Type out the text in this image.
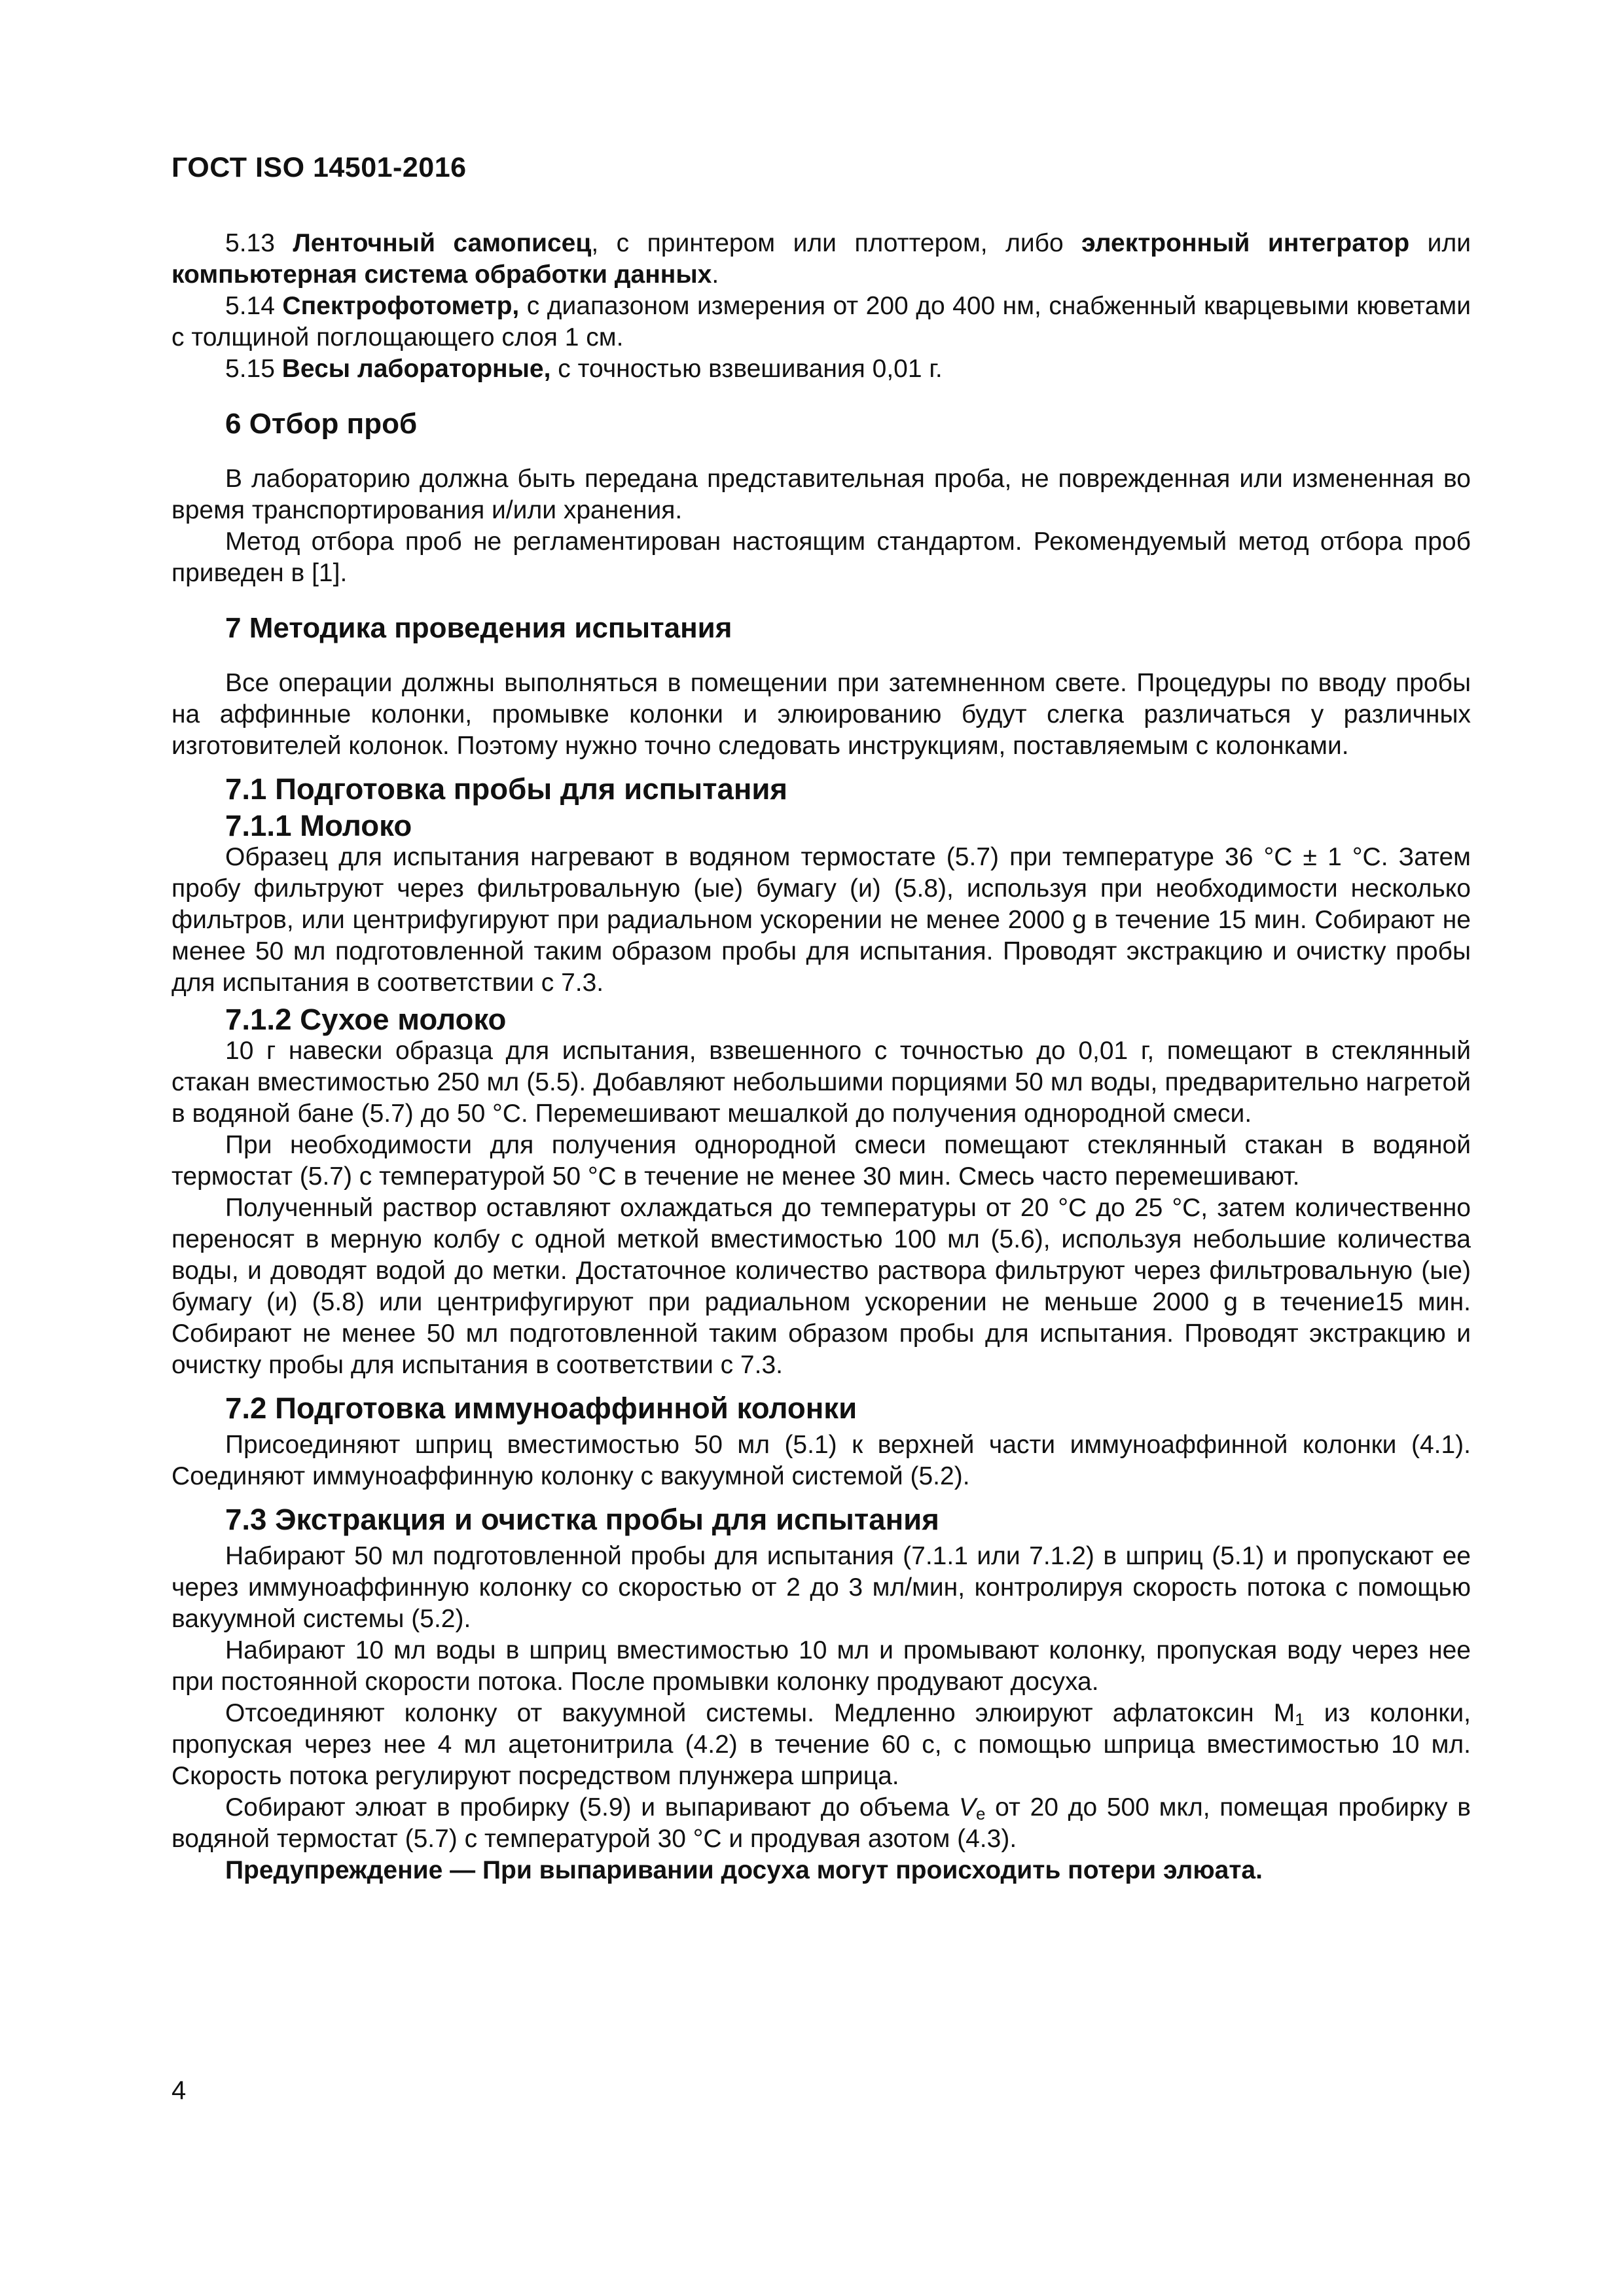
ГОСТ ISO 14501-2016

5.13 Ленточный самописец, с принтером или плоттером, либо электронный интегратор или компьютерная система обработки данных.

5.14 Спектрофотометр, с диапазоном измерения от 200 до 400 нм, снабженный кварцевыми кюветами с толщиной поглощающего слоя 1 см.

5.15 Весы лабораторные, с точностью взвешивания 0,01 г.

6 Отбор проб

В лабораторию должна быть передана представительная проба, не поврежденная или измененная во время транспортирования и/или хранения.

Метод отбора проб не регламентирован настоящим стандартом. Рекомендуемый метод отбора проб приведен в [1].

7 Методика проведения испытания

Все операции должны выполняться в помещении при затемненном свете. Процедуры по вводу пробы на аффинные колонки, промывке колонки и элюированию будут слегка различаться у различных изготовителей колонок. Поэтому нужно точно следовать инструкциям, поставляемым с колонками.

7.1 Подготовка пробы для испытания
7.1.1 Молоко

Образец для испытания нагревают в водяном термостате (5.7) при температуре 36 °С ± 1 °С. Затем пробу фильтруют через фильтровальную (ые) бумагу (и) (5.8), используя при необходимости несколько фильтров, или центрифугируют при радиальном ускорении не менее 2000 g в течение 15 мин. Собирают не менее 50 мл подготовленной таким образом пробы для испытания. Проводят экстракцию и очистку пробы для испытания в соответствии с 7.3.

7.1.2 Сухое молоко

10 г навески образца для испытания, взвешенного с точностью до 0,01 г, помещают в стеклянный стакан вместимостью 250 мл (5.5). Добавляют небольшими порциями 50 мл воды, предварительно нагретой в водяной бане (5.7) до 50 °С. Перемешивают мешалкой до получения однородной смеси.

При необходимости для получения однородной смеси помещают стеклянный стакан в водяной термостат (5.7) с температурой 50 °С в течение не менее 30 мин. Смесь часто перемешивают.

Полученный раствор оставляют охлаждаться до температуры от 20 °С до 25 °С, затем количественно переносят в мерную колбу с одной меткой вместимостью 100 мл (5.6), используя небольшие количества воды, и доводят водой до метки. Достаточное количество раствора фильтруют через фильтровальную (ые) бумагу (и) (5.8) или центрифугируют при радиальном ускорении не меньше 2000 g в течение15 мин. Собирают не менее 50 мл подготовленной таким образом пробы для испытания. Проводят экстракцию и очистку пробы для испытания в соответствии с 7.3.

7.2 Подготовка иммуноаффинной колонки

Присоединяют шприц вместимостью 50 мл (5.1) к верхней части иммуноаффинной колонки (4.1). Соединяют иммуноаффинную колонку с вакуумной системой (5.2).

7.3 Экстракция и очистка пробы для испытания

Набирают 50 мл подготовленной пробы для испытания (7.1.1 или 7.1.2) в шприц (5.1) и пропускают ее через иммуноаффинную колонку со скоростью от 2 до 3 мл/мин, контролируя скорость потока с помощью вакуумной системы (5.2).

Набирают 10 мл воды в шприц вместимостью 10 мл и промывают колонку, пропуская воду через нее при постоянной скорости потока. После промывки колонку продувают досуха.

Отсоединяют колонку от вакуумной системы. Медленно элюируют афлатоксин $М_1$ из колонки, пропуская через нее 4 мл ацетонитрила (4.2) в течение 60 с, с помощью шприца вместимостью 10 мл. Скорость потока регулируют посредством плунжера шприца.

Собирают элюат в пробирку (5.9) и выпаривают до объема $V_e$ от 20 до 500 мкл, помещая пробирку в водяной термостат (5.7) с температурой 30 °С и продувая азотом (4.3).

Предупреждение — При выпаривании досуха могут происходить потери элюата.

4
